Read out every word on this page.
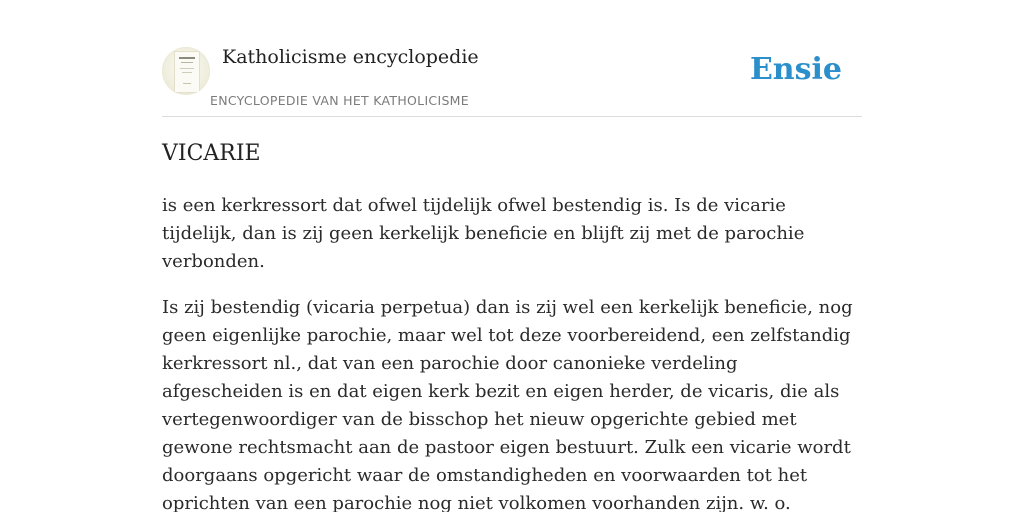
Katholicisme encyclopedie
ENCYCLOPEDIE VAN HET KATHOLICISME
Ensie
VICARIE

is een kerkressort dat ofwel tijdelijk ofwel bestendig is. Is de vicarie tijdelijk, dan is zij geen kerkelijk beneficie en blijft zij met de parochie verbonden.

Is zij bestendig (vicaria perpetua) dan is zij wel een kerkelijk beneficie, nog geen eigenlijke parochie, maar wel tot deze voorbereidend, een zelfstandig kerkressort nl., dat van een parochie door canonieke verdeling afgescheiden is en dat eigen kerk bezit en eigen herder, de vicaris, die als vertegenwoordiger van de bisschop het nieuw opgerichte gebied met gewone rechtsmacht aan de pastoor eigen bestuurt. Zulk een vicarie wordt doorgaans opgericht waar de omstandigheden en voorwaarden tot het oprichten van een parochie nog niet volkomen voorhanden zijn. w. o.
